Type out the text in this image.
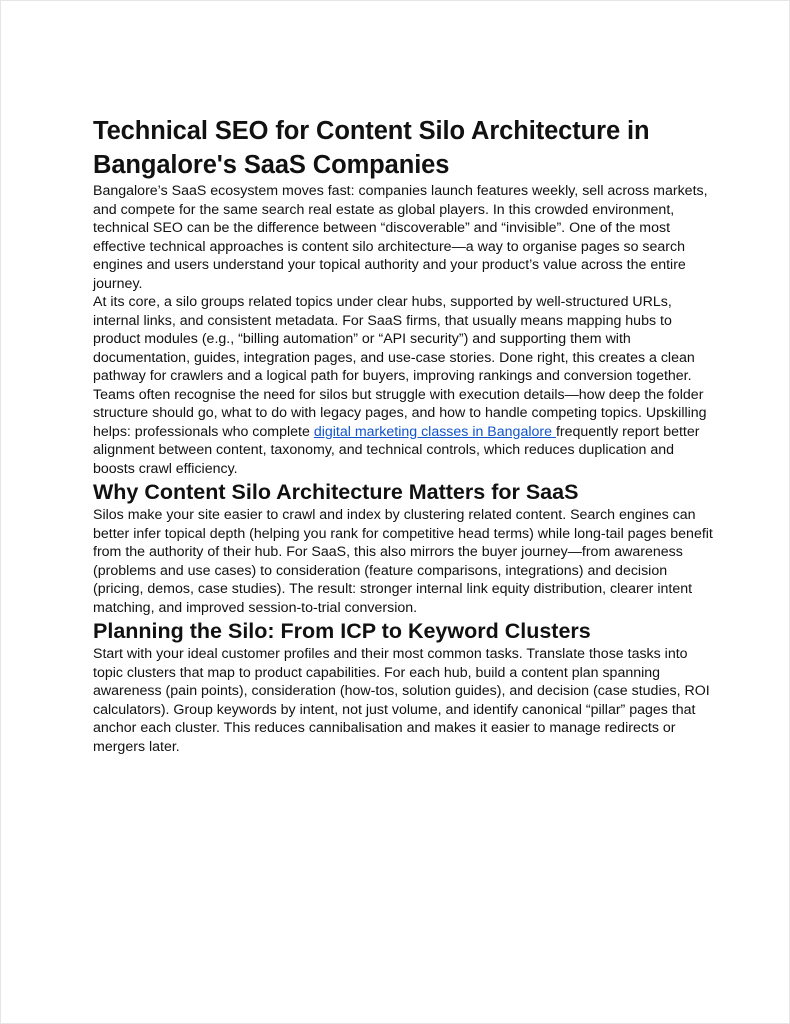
Technical SEO for Content Silo Architecture in Bangalore's SaaS Companies

Bangalore’s SaaS ecosystem moves fast: companies launch features weekly, sell across markets, and compete for the same search real estate as global players. In this crowded environment, technical SEO can be the difference between “discoverable” and “invisible”. One of the most effective technical approaches is content silo architecture—a way to organise pages so search engines and users understand your topical authority and your product’s value across the entire journey.

At its core, a silo groups related topics under clear hubs, supported by well-structured URLs, internal links, and consistent metadata. For SaaS firms, that usually means mapping hubs to product modules (e.g., “billing automation” or “API security”) and supporting them with documentation, guides, integration pages, and use-case stories. Done right, this creates a clean pathway for crawlers and a logical path for buyers, improving rankings and conversion together.

Teams often recognise the need for silos but struggle with execution details—how deep the folder structure should go, what to do with legacy pages, and how to handle competing topics. Upskilling helps: professionals who complete digital marketing classes in Bangalore frequently report better alignment between content, taxonomy, and technical controls, which reduces duplication and boosts crawl efficiency.

Why Content Silo Architecture Matters for SaaS

Silos make your site easier to crawl and index by clustering related content. Search engines can better infer topical depth (helping you rank for competitive head terms) while long-tail pages benefit from the authority of their hub. For SaaS, this also mirrors the buyer journey—from awareness (problems and use cases) to consideration (feature comparisons, integrations) and decision (pricing, demos, case studies). The result: stronger internal link equity distribution, clearer intent matching, and improved session-to-trial conversion.

Planning the Silo: From ICP to Keyword Clusters

Start with your ideal customer profiles and their most common tasks. Translate those tasks into topic clusters that map to product capabilities. For each hub, build a content plan spanning awareness (pain points), consideration (how-tos, solution guides), and decision (case studies, ROI calculators). Group keywords by intent, not just volume, and identify canonical “pillar” pages that anchor each cluster. This reduces cannibalisation and makes it easier to manage redirects or mergers later.
